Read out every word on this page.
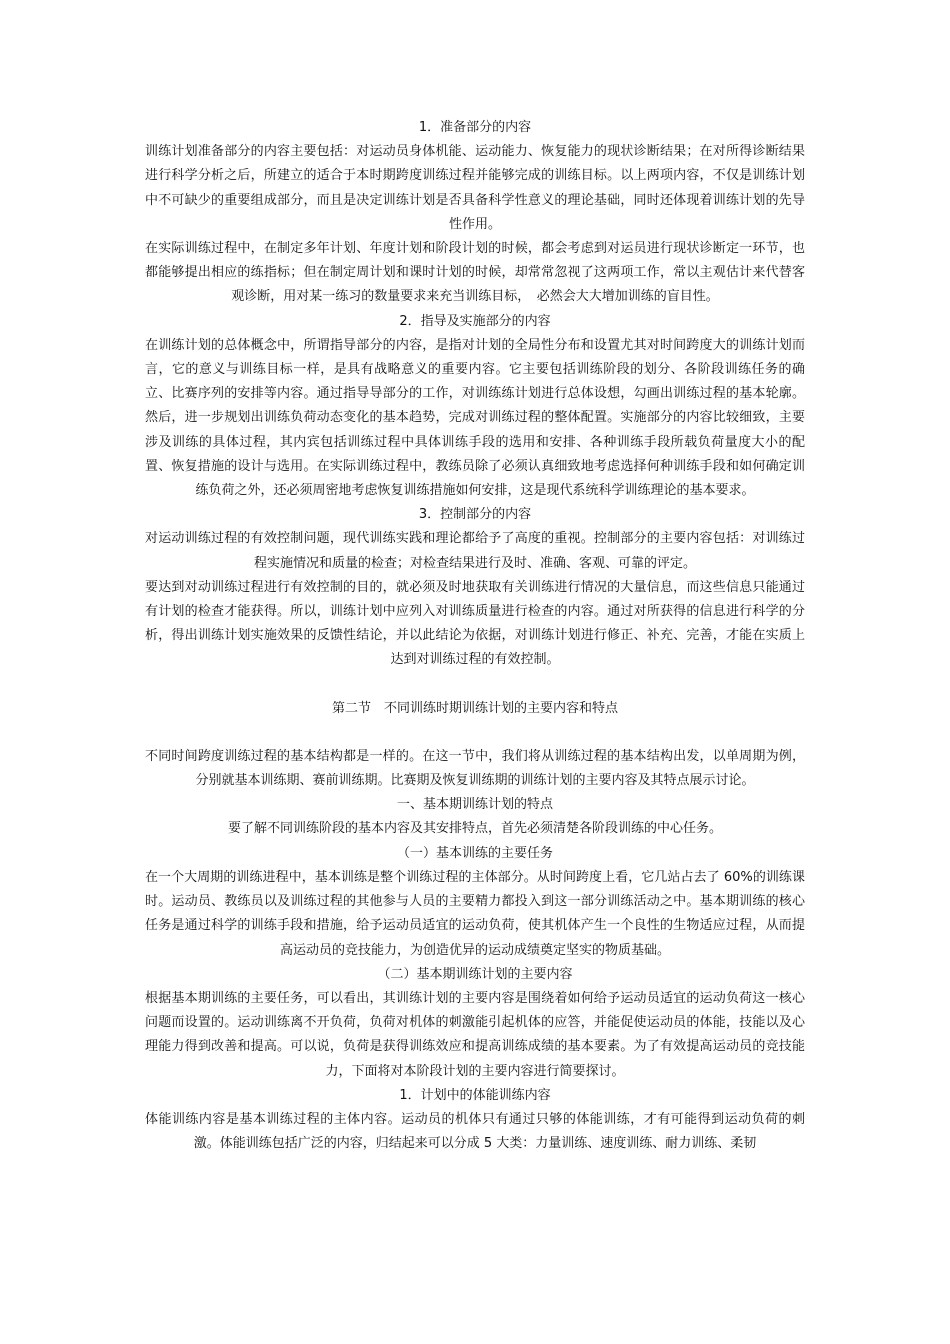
1．准备部分的内容

训练计划准备部分的内容主要包括：对运动员身体机能、运动能力、恢复能力的现状诊断结果；在对所得诊断结果进行科学分析之后，所建立的适合于本时期跨度训练过程并能够完成的训练目标。以上两项内容，不仅是训练计划中不可缺少的重要组成部分，而且是决定训练计划是否具备科学性意义的理论基础，同时还体现着训练计划的先导性作用。

在实际训练过程中，在制定多年计划、年度计划和阶段计划的时候，都会考虑到对运员进行现状诊断定一环节，也都能够提出相应的练指标；但在制定周计划和课时计划的时候，却常常忽视了这两项工作，常以主观估计来代替客观诊断，用对某一练习的数量要求来充当训练目标，　必然会大大增加训练的盲目性。

2．指导及实施部分的内容

在训练计划的总体概念中，所谓指导部分的内容，是指对计划的全局性分布和设置尤其对时间跨度大的训练计划而言，它的意义与训练目标一样，是具有战略意义的重要内容。它主要包括训练阶段的划分、各阶段训练任务的确立、比赛序列的安排等内容。通过指导导部分的工作，对训练练计划进行总体设想，勾画出训练过程的基本轮廓。然后，进一步规划出训练负荷动态变化的基本趋势，完成对训练过程的整体配置。实施部分的内容比较细致，主要涉及训练的具体过程，其内宾包括训练过程中具体训练手段的选用和安排、各种训练手段所载负荷量度大小的配置、恢复措施的设计与选用。在实际训练过程中，教练员除了必须认真细致地考虑选择何种训练手段和如何确定训练负荷之外，还必须周密地考虑恢复训练措施如何安排，这是现代系统科学训练理论的基本要求。

3．控制部分的内容

对运动训练过程的有效控制问题，现代训练实践和理论都给予了高度的重视。控制部分的主要内容包括：对训练过程实施情况和质量的检查；对检查结果进行及时、准确、客观、可靠的评定。

要达到对动训练过程进行有效控制的目的，就必须及时地获取有关训练进行情况的大量信息，而这些信息只能通过有计划的检查才能获得。所以，训练计划中应列入对训练质量进行检查的内容。通过对所获得的信息进行科学的分析，得出训练计划实施效果的反馈性结论，并以此结论为依据，对训练计划进行修正、补充、完善，才能在实质上达到对训练过程的有效控制。

第二节　不同训练时期训练计划的主要内容和特点

不同时间跨度训练过程的基本结构都是一样的。在这一节中，我们将从训练过程的基本结构出发，以单周期为例，分别就基本训练期、赛前训练期。比赛期及恢复训练期的训练计划的主要内容及其特点展示讨论。

一、基本期训练计划的特点

要了解不同训练阶段的基本内容及其安排特点，首先必须清楚各阶段训练的中心任务。

（一）基本训练的主要任务

在一个大周期的训练进程中，基本训练是整个训练过程的主体部分。从时间跨度上看，它几站占去了 60%的训练课时。运动员、教练员以及训练过程的其他参与人员的主要精力都投入到这一部分训练活动之中。基本期训练的核心任务是通过科学的训练手段和措施，给予运动员适宜的运动负荷，使其机体产生一个良性的生物适应过程，从而提高运动员的竞技能力，为创造优异的运动成绩奠定坚实的物质基础。

（二）基本期训练计划的主要内容

根据基本期训练的主要任务，可以看出，其训练计划的主要内容是围绕着如何给予运动员适宜的运动负荷这一核心问题而设置的。运动训练离不开负荷，负荷对机体的刺激能引起机体的应答，并能促使运动员的体能，技能以及心理能力得到改善和提高。可以说，负荷是获得训练效应和提高训练成绩的基本要素。为了有效提高运动员的竞技能力，下面将对本阶段计划的主要内容进行简要探讨。

1．计划中的体能训练内容

体能训练内容是基本训练过程的主体内容。运动员的机体只有通过只够的体能训练，才有可能得到运动负荷的刺激。体能训练包括广泛的内容，归结起来可以分成 5 大类：力量训练、速度训练、耐力训练、柔韧
